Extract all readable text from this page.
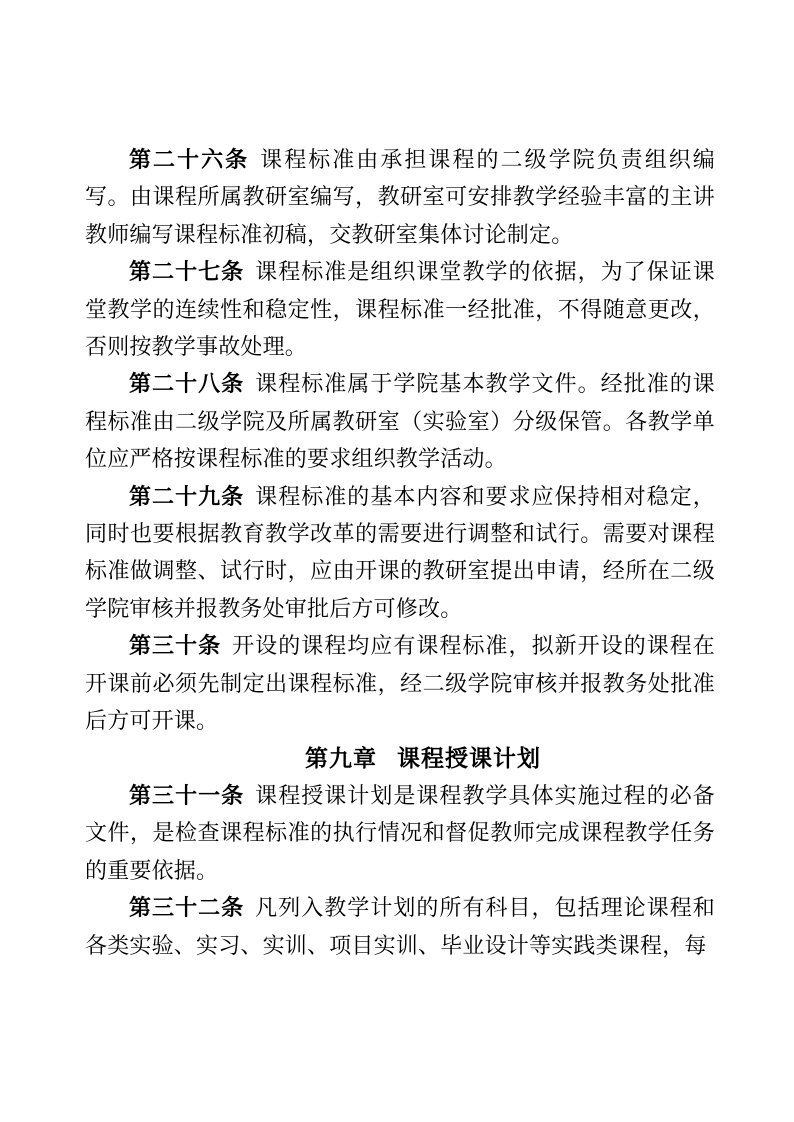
第二十六条 课程标准由承担课程的二级学院负责组织编写。由课程所属教研室编写，教研室可安排教学经验丰富的主讲教师编写课程标准初稿，交教研室集体讨论制定。

第二十七条 课程标准是组织课堂教学的依据，为了保证课堂教学的连续性和稳定性，课程标准一经批准，不得随意更改，否则按教学事故处理。

第二十八条 课程标准属于学院基本教学文件。经批准的课程标准由二级学院及所属教研室（实验室）分级保管。各教学单位应严格按课程标准的要求组织教学活动。

第二十九条 课程标准的基本内容和要求应保持相对稳定，同时也要根据教育教学改革的需要进行调整和试行。需要对课程标准做调整、试行时，应由开课的教研室提出申请，经所在二级学院审核并报教务处审批后方可修改。

第三十条 开设的课程均应有课程标准，拟新开设的课程在开课前必须先制定出课程标准，经二级学院审核并报教务处批准后方可开课。

第九章 课程授课计划

第三十一条 课程授课计划是课程教学具体实施过程的必备文件，是检查课程标准的执行情况和督促教师完成课程教学任务的重要依据。

第三十二条 凡列入教学计划的所有科目，包括理论课程和各类实验、实习、实训、项目实训、毕业设计等实践类课程，每
